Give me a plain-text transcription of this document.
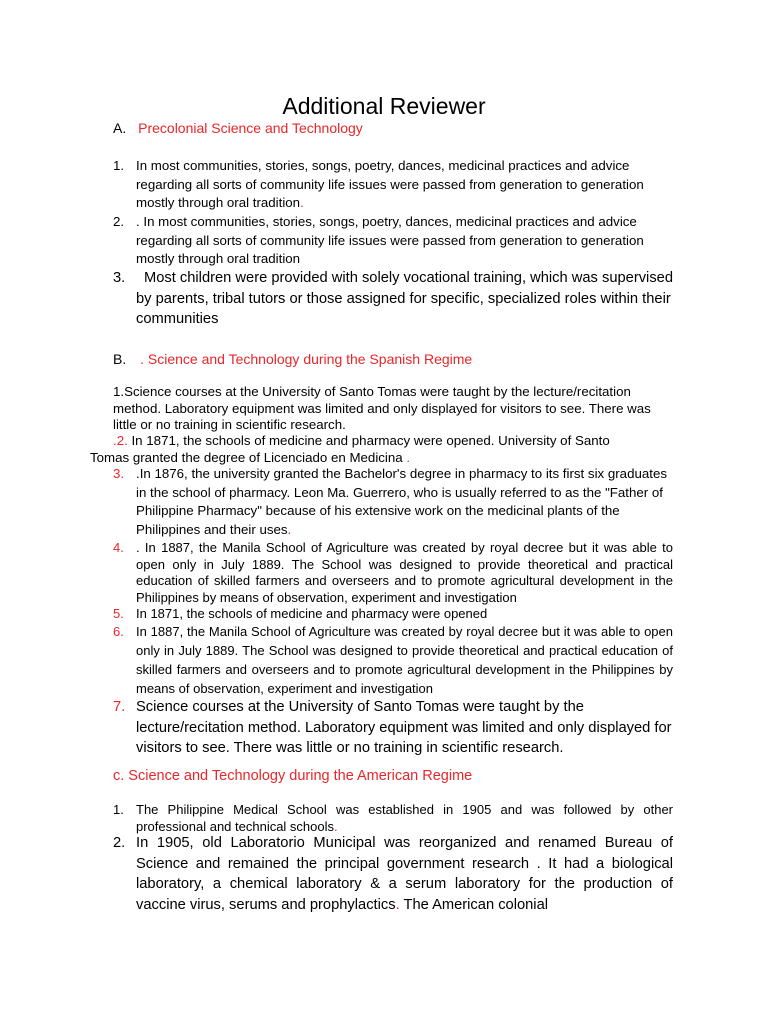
Additional Reviewer
A. Precolonial Science and Technology
1. In most communities, stories, songs, poetry, dances, medicinal practices and advice regarding all sorts of community life issues were passed from generation to generation mostly through oral tradition.
2. . In most communities, stories, songs, poetry, dances, medicinal practices and advice regarding all sorts of community life issues were passed from generation to generation mostly through oral tradition
3.	Most children were provided with solely vocational training, which was supervised by parents, tribal tutors or those assigned for specific, specialized roles within their communities
B. . Science and Technology during the Spanish Regime
1.Science courses at the University of Santo Tomas were taught by the lecture/recitation method. Laboratory equipment was limited and only displayed for visitors to see. There was little or no training in scientific research.
.2. In 1871, the schools of medicine and pharmacy were opened. University of Santo
Tomas granted the degree of Licenciado en Medicina .
3. .In 1876, the university granted the Bachelor's degree in pharmacy to its first six graduates in the school of pharmacy. Leon Ma. Guerrero, who is usually referred to as the "Father of Philippine Pharmacy" because of his extensive work on the medicinal plants of the Philippines and their uses.
4. . In 1887, the Manila School of Agriculture was created by royal decree but it was able to open only in July 1889. The School was designed to provide theoretical and practical education of skilled farmers and overseers and to promote agricultural development in the Philippines by means of observation, experiment and investigation
5. In 1871, the schools of medicine and pharmacy were opened
6. In 1887, the Manila School of Agriculture was created by royal decree but it was able to open only in July 1889. The School was designed to provide theoretical and practical education of skilled farmers and overseers and to promote agricultural development in the Philippines by means of observation, experiment and investigation
7. Science courses at the University of Santo Tomas were taught by the lecture/recitation method. Laboratory equipment was limited and only displayed for visitors to see. There was little or no training in scientific research.
c. Science and Technology during the American Regime
1. The Philippine Medical School was established in 1905 and was followed by other professional and technical schools.
2. In 1905, old Laboratorio Municipal was reorganized and renamed Bureau of Science and remained the principal government research . It had a biological laboratory, a chemical laboratory & a serum laboratory for the production of vaccine virus, serums and prophylactics. The American colonial
